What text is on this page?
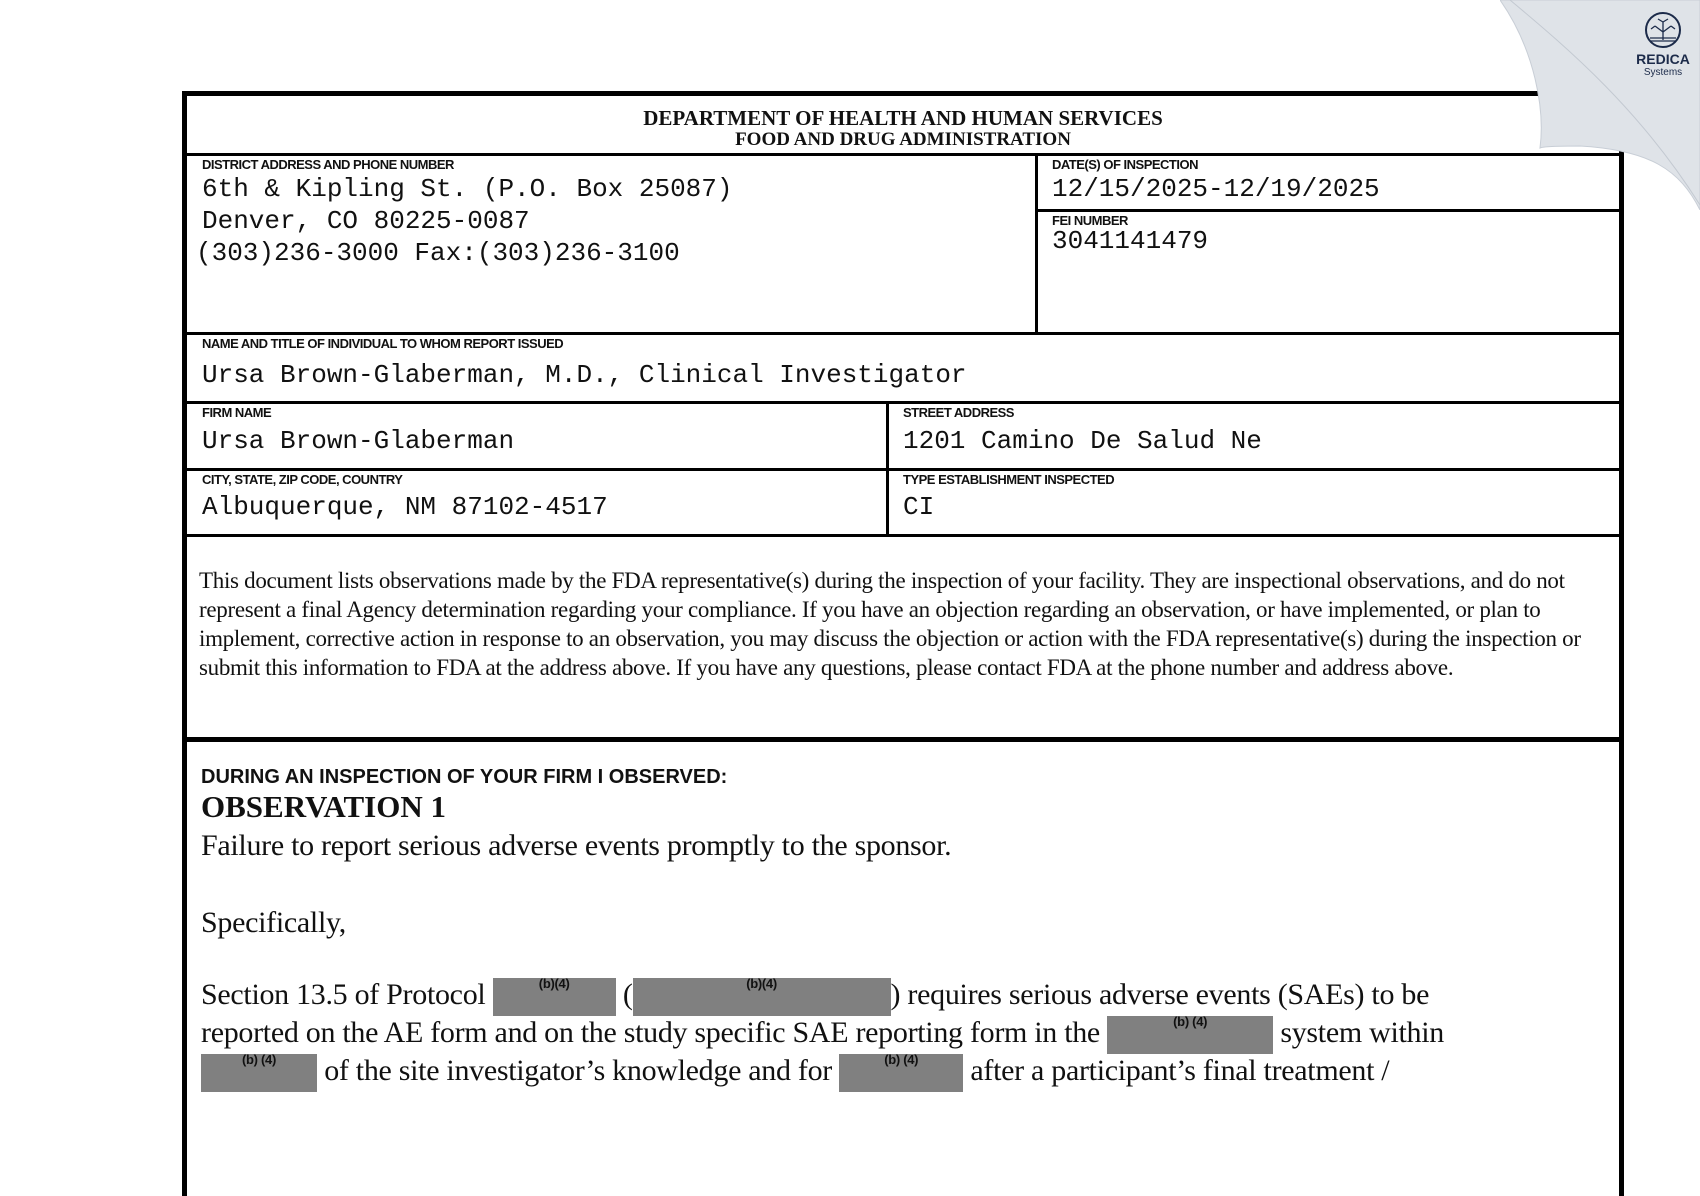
DEPARTMENT OF HEALTH AND HUMAN SERVICES
FOOD AND DRUG ADMINISTRATION
DISTRICT ADDRESS AND PHONE NUMBER
6th & Kipling St. (P.O. Box 25087)
Denver, CO 80225-0087
(303)236-3000 Fax:(303)236-3100
DATE(S) OF INSPECTION
12/15/2025-12/19/2025
FEI NUMBER
3041141479
NAME AND TITLE OF INDIVIDUAL TO WHOM REPORT ISSUED
Ursa Brown-Glaberman, M.D., Clinical Investigator
FIRM NAME
Ursa Brown-Glaberman
STREET ADDRESS
1201 Camino De Salud Ne
CITY, STATE, ZIP CODE, COUNTRY
Albuquerque, NM 87102-4517
TYPE ESTABLISHMENT INSPECTED
CI
This document lists observations made by the FDA representative(s) during the inspection of your facility. They are inspectional observations, and do not represent a final Agency determination regarding your compliance. If you have an objection regarding an observation, or have implemented, or plan to implement, corrective action in response to an observation, you may discuss the objection or action with the FDA representative(s) during the inspection or submit this information to FDA at the address above. If you have any questions, please contact FDA at the phone number and address above.
DURING AN INSPECTION OF YOUR FIRM I OBSERVED:
OBSERVATION 1
Failure to report serious adverse events promptly to the sponsor.
Specifically,
Section 13.5 of Protocol	(b)(4)	(	(b)(4)	) requires serious adverse events (SAEs) to be
reported on the AE form and on the study specific SAE reporting form in the	(b) (4)	system within
(b) (4)	of the site investigator’s knowledge and for	(b) (4)	after a participant’s final treatment /
REDICA
Systems
